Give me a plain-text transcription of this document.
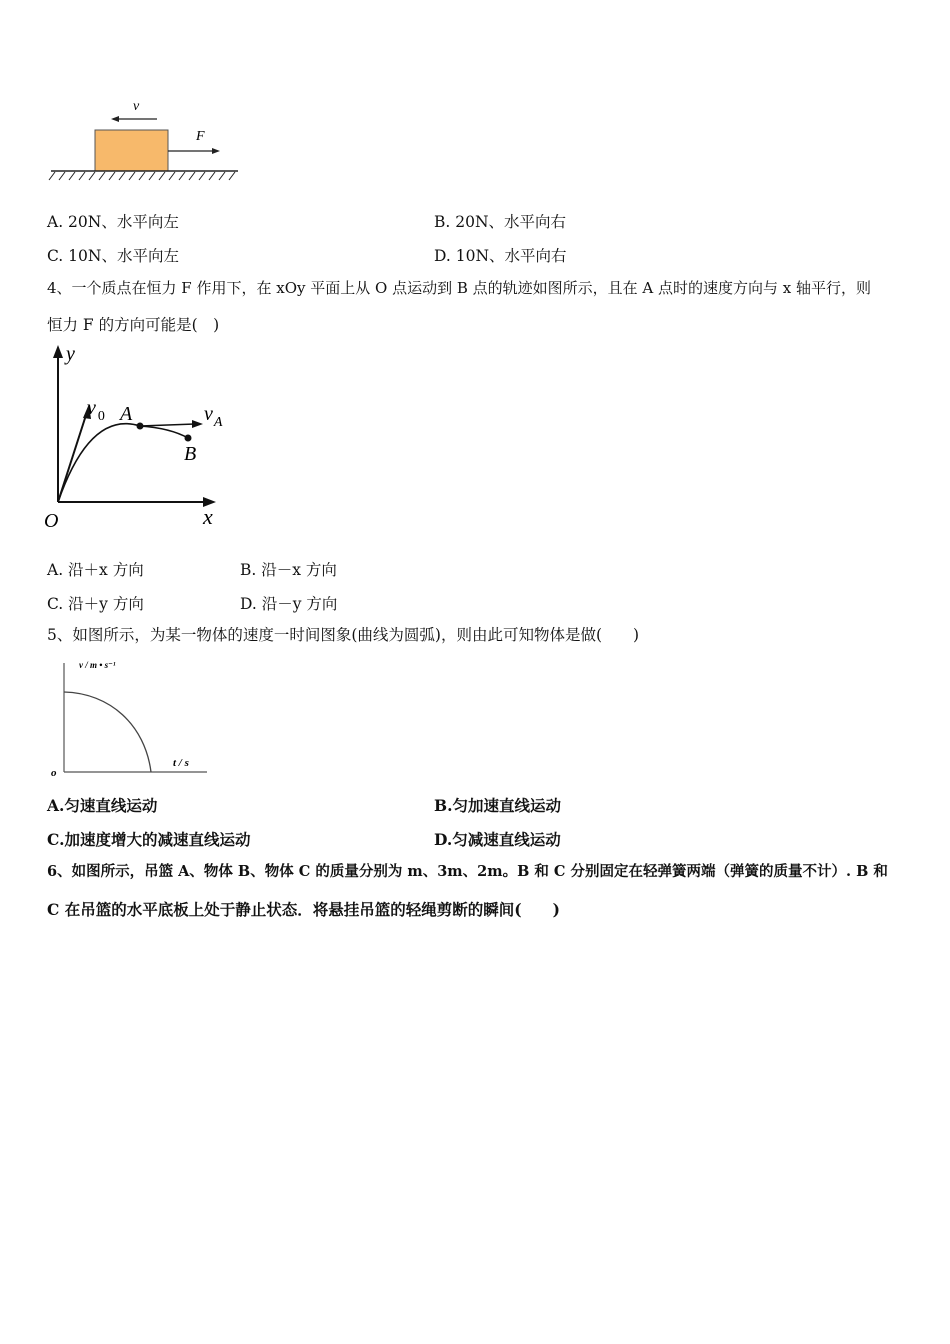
v
F
A. 20N、水平向左	B. 20N、水平向右
C. 10N、水平向左	D. 10N、水平向右
4、一个质点在恒力 F 作用下，在 xOy 平面上从 O 点运动到 B 点的轨迹如图所示，且在 A 点时的速度方向与 x 轴平行，则
恒力 F 的方向可能是(　)
y
x
O
v $_0$ A
B
$v_A$
A. 沿＋x 方向	B. 沿－x 方向
C. 沿＋y 方向	D. 沿－y 方向
5、如图所示，为某一物体的速度一时间图象(曲线为圆弧)，则由此可知物体是做(　　)
v / m • s⁻¹
t / s
o
A.匀速直线运动	B.匀加速直线运动
C.加速度增大的减速直线运动	D.匀减速直线运动
6、如图所示，吊篮 A、物体 B、物体 C 的质量分别为 m、3m、2m。B 和 C 分别固定在轻弹簧两端（弹簧的质量不计）. B 和
C 在吊篮的水平底板上处于静止状态．将悬挂吊篮的轻绳剪断的瞬间(　　)
